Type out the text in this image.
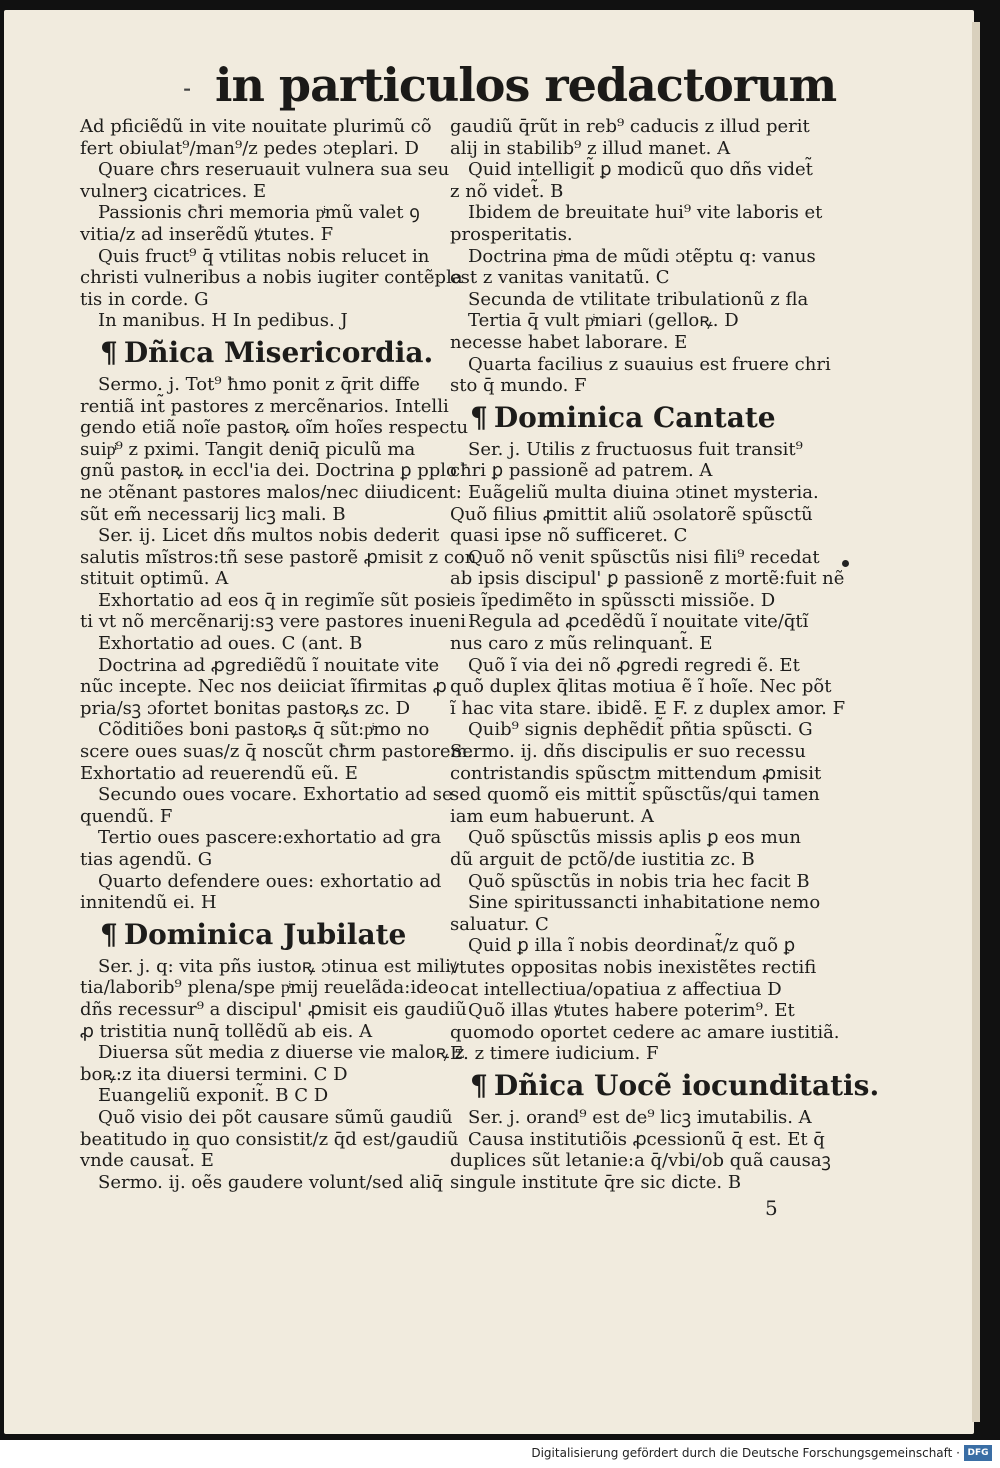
⁃ in particulos redactorum
Ad pficiẽdũ in vite nouitate plurimũ cõ
fert obiulat⁹/man⁹/z pedes ɔteplari. D
Quare cħrs reseruauit vulnera sua seu
vulnerꝫ cicatrices. E
Passionis cħri memoria pͥmũ valet ꝯ
vitia/z ad inserẽdũ ꝟtutes. F
Quis fruct⁹ q̄ vtilitas nobis relucet in
christi vulneribus a nobis iugiter contẽpla
tis in corde. G
In manibus. H In pedibus. J
¶ Dñica Misericordia.
Sermo. j. Tot⁹ ħmo ponit z q̄rit diffe
rentiã int̃ pastores z mercẽnarios. Intelli
gendo etiã noĩe pastoꝶ oĩm hoĩes respectu
suipͥ⁹ z pximi. Tangit deniq̄ piculũ ma
gnũ pastoꝶ in eccl'ia dei. Doctrina ꝑ pplo
ne ɔtẽnant pastores malos/nec diiudicent:
sũt em̃ necessarij licꝫ mali. B
Ser. ij. Licet dñs multos nobis dederit
salutis mĩstros:tñ sese pastorẽ ꝓmisit z con
stituit optimũ. A
Exhortatio ad eos q̄ in regimĩe sũt posi
ti vt nõ mercẽnarij:sꝫ vere pastores inueni
Exhortatio ad oues. C (ant. B
Doctrina ad ꝓgrediẽdũ ĩ nouitate vite
nũc incepte. Nec nos deiiciat ĩfirmitas ꝓ
pria/sꝫ ɔfortet bonitas pastoꝶs zc. D
Cõditiões boni pastoꝶs q̄ sũt:pͥmo no
scere oues suas/z q̄ noscũt cħrm pastorem.
Exhortatio ad reuerendũ eũ. E
Secundo oues vocare. Exhortatio ad se
quendũ. F
Tertio oues pascere:exhortatio ad gra
tias agendũ. G
Quarto defendere oues: exhortatio ad
innitendũ ei. H
¶ Dominica Jubilate
Ser. j. q: vita pñs iustoꝶ ɔtinua est mili
tia/laborib⁹ plena/spe pͥmij reuelãda:ideo
dñs recessur⁹ a discipul' ꝓmisit eis gaudiũ
ꝓ tristitia nunq̄ tollẽdũ ab eis. A
Diuersa sũt media z diuerse vie maloꝶ z
boꝶ:z ita diuersi termini. C D
Euangeliũ exponit̃. B C D
Quõ visio dei põt causare sũmũ gaudiũ
beatitudo in quo consistit/z q̄d est/gaudiũ
vnde causat̃. E
Sermo. ij. oẽs gaudere volunt/sed aliq̄
gaudiũ q̄rũt in reb⁹ caducis z illud perit
alij in stabilib⁹ z illud manet. A
Quid intelligit̃ ꝑ modicũ quo dñs videt̃
z nõ videt̃. B
Ibidem de breuitate hui⁹ vite laboris et
prosperitatis.
Doctrina pͥma de mũdi ɔtẽptu q: vanus
est z vanitas vanitatũ. C
Secunda de vtilitate tribulationũ z fla
Tertia q̄ vult pͥmiari (gelloꝶ. D
necesse habet laborare. E
Quarta facilius z suauius est fruere chri
sto q̄ mundo. F
¶ Dominica Cantate
Ser. j. Utilis z fructuosus fuit transit⁹
cħri ꝑ passionẽ ad patrem. A
Euãgeliũ multa diuina ɔtinet mysteria.
Quõ filius ꝓmittit aliũ ɔsolatorẽ spũsctũ
quasi ipse nõ sufficeret. C
Quõ nõ venit spũsctũs nisi fili⁹ recedat
ab ipsis discipul' ꝑ passionẽ z mortẽ:fuit nẽ
eis ĩpedimẽto in spũsscti missiõe. D
Regula ad ꝓcedẽdũ ĩ nouitate vite/q̄tĩ
nus caro z mũs relinquant̃. E
Quõ ĩ via dei nõ ꝓgredi regredi ẽ. Et
quõ duplex q̄litas motiua ẽ ĩ hoĩe. Nec põt
ĩ hac vita stare. ibidẽ. E F. z duplex amor. F
Quib⁹ signis dephẽdit̃ pñtia spũscti. G
Sermo. ij. dñs discipulis er suo recessu
contristandis spũsctm mittendum ꝓmisit
sed quomõ eis mittit̃ spũsctũs/qui tamen
iam eum habuerunt. A
Quõ spũsctũs missis aplis ꝑ eos mun
dũ arguit de pctõ/de iustitia zc. B
Quõ spũsctũs in nobis tria hec facit B
Sine spiritussancti inhabitatione nemo
saluatur. C
Quid ꝑ illa ĩ nobis deordinat̃/z quõ ꝑ
ꝟtutes oppositas nobis inexistẽtes rectifi
cat intellectiua/opatiua z affectiua D
Quõ illas ꝟtutes habere poterim⁹. Et
quomodo oportet cedere ac amare iustitiã.
E. z timere iudicium. F
¶ Dñica Uocẽ iocunditatis.
Ser. j. orand⁹ est de⁹ licꝫ imutabilis. A
Causa institutiõis ꝓcessionũ q̄ est. Et q̄
duplices sũt letanie:a q̄/vbi/ob quã causaꝫ
singule institute q̄re sic dicte. B
5
Digitalisierung gefördert durch die Deutsche Forschungsgemeinschaft · DFG
